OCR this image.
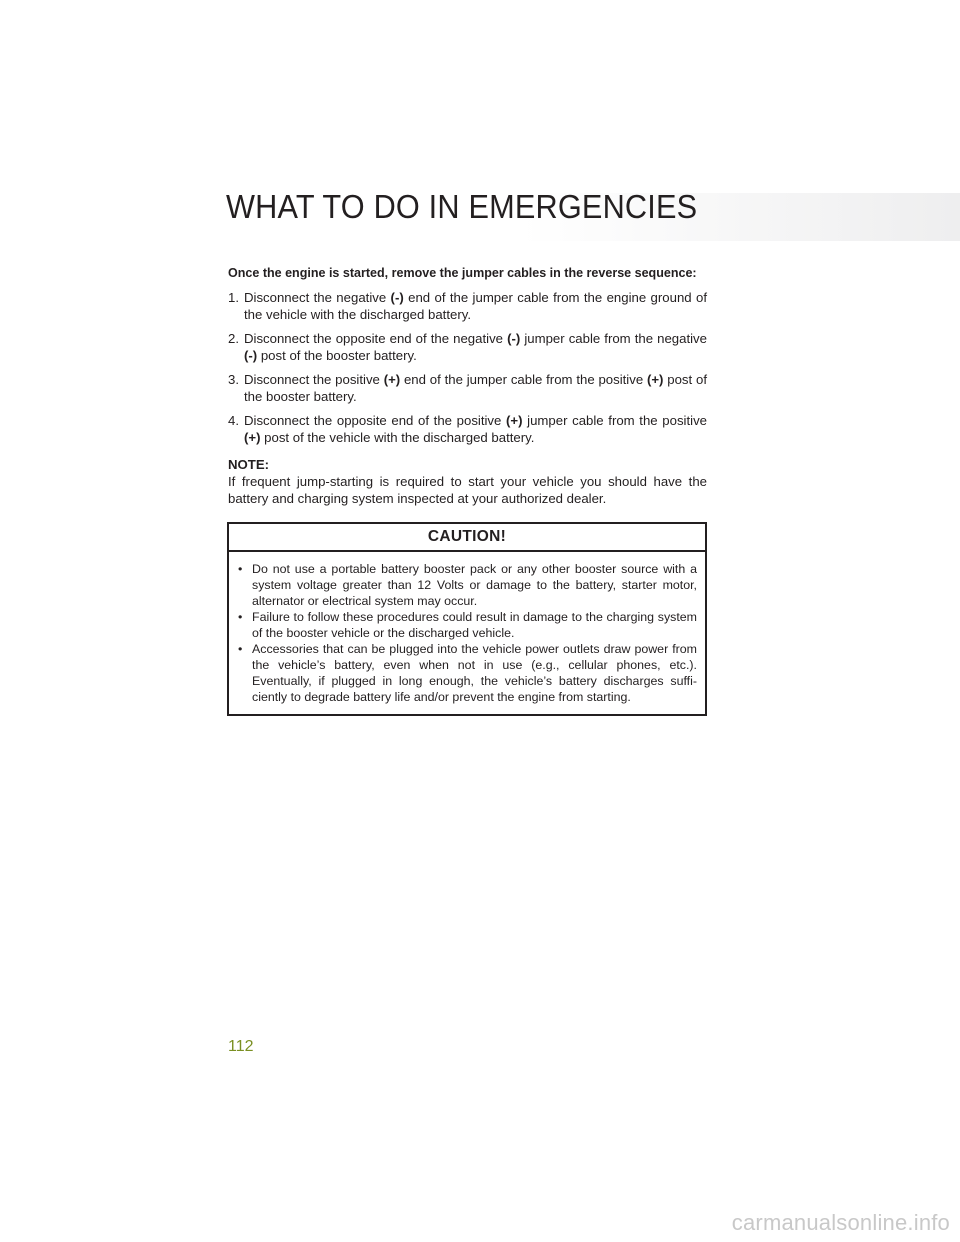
WHAT TO DO IN EMERGENCIES

Once the engine is started, remove the jumper cables in the reverse sequence:

1. Disconnect the negative (-) end of the jumper cable from the engine ground of the vehicle with the discharged battery.
2. Disconnect the opposite end of the negative (-) jumper cable from the negative (-) post of the booster battery.
3. Disconnect the positive (+) end of the jumper cable from the positive (+) post of the booster battery.
4. Disconnect the opposite end of the positive (+) jumper cable from the positive (+) post of the vehicle with the discharged battery.
NOTE:

If frequent jump-starting is required to start your vehicle you should have the battery and charging system inspected at your authorized dealer.

CAUTION!
• Do not use a portable battery booster pack or any other booster source with a system voltage greater than 12 Volts or damage to the battery, starter motor, alternator or electrical system may occur.
• Failure to follow these procedures could result in damage to the charging system of the booster vehicle or the discharged vehicle.
• Accessories that can be plugged into the vehicle power outlets draw power from the vehicle’s battery, even when not in use (e.g., cellular phones, etc.). Eventually, if plugged in long enough, the vehicle’s battery discharges suffi-ciently to degrade battery life and/or prevent the engine from starting.
112
carmanualsonline.info
